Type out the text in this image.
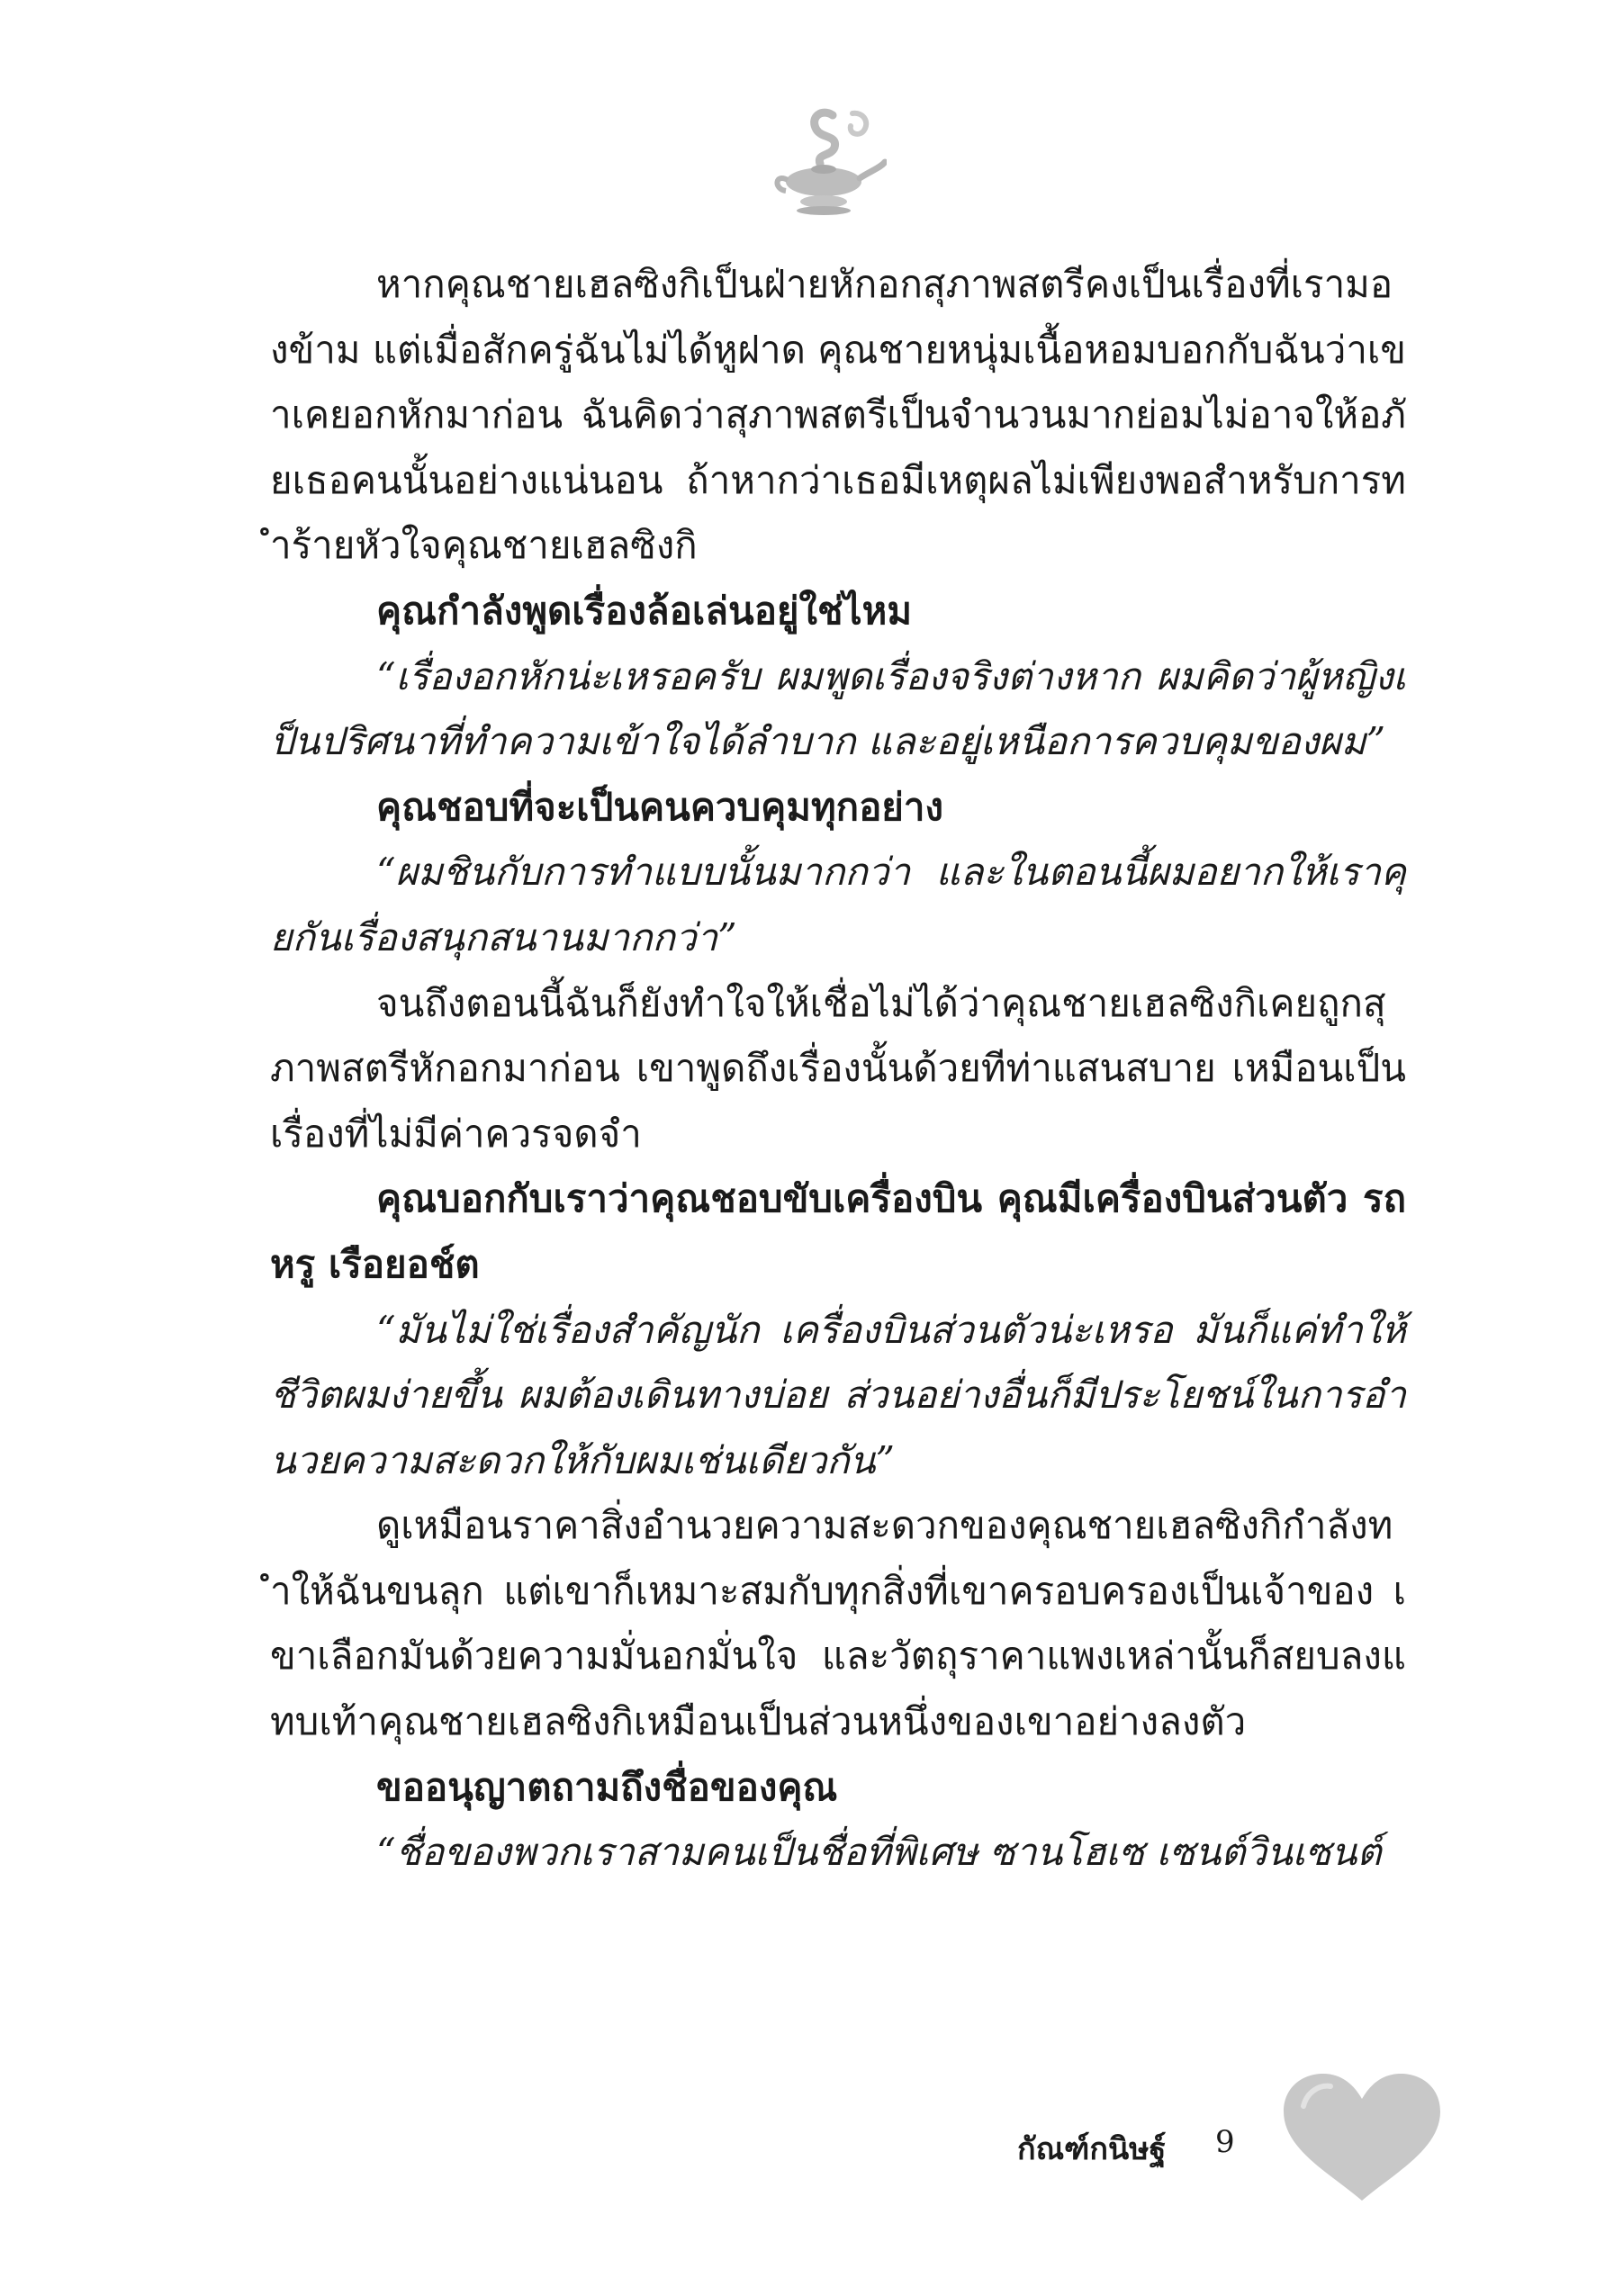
หากคุณชายเฮลซิงกิเป็นฝ่ายหักอกสุภาพสตรีคงเป็นเรื่องที่เรามองข้าม แต่เมื่อสักครู่ฉันไม่ได้หูฝาด คุณชายหนุ่มเนื้อหอมบอกกับฉันว่าเขาเคยอกหักมาก่อน ฉันคิดว่าสุภาพสตรีเป็นจำนวนมากย่อมไม่อาจให้อภัยเธอคนนั้นอย่างแน่นอน ถ้าหากว่าเธอมีเหตุผลไม่เพียงพอสำหรับการทำร้ายหัวใจคุณชายเฮลซิงกิ

คุณกำลังพูดเรื่องล้อเล่นอยู่ใช่ไหม

“เรื่องอกหักน่ะเหรอครับ ผมพูดเรื่องจริงต่างหาก ผมคิดว่าผู้หญิงเป็นปริศนาที่ทำความเข้าใจได้ลำบาก และอยู่เหนือการควบคุมของผม”

คุณชอบที่จะเป็นคนควบคุมทุกอย่าง

“ผมชินกับการทำแบบนั้นมากกว่า และในตอนนี้ผมอยากให้เราคุยกันเรื่องสนุกสนานมากกว่า”

จนถึงตอนนี้ฉันก็ยังทำใจให้เชื่อไม่ได้ว่าคุณชายเฮลซิงกิเคยถูกสุภาพสตรีหักอกมาก่อน เขาพูดถึงเรื่องนั้นด้วยทีท่าแสนสบาย เหมือนเป็นเรื่องที่ไม่มีค่าควรจดจำ

คุณบอกกับเราว่าคุณชอบขับเครื่องบิน คุณมีเครื่องบินส่วนตัว รถหรู เรือยอช์ต

“มันไม่ใช่เรื่องสำคัญนัก เครื่องบินส่วนตัวน่ะเหรอ มันก็แค่ทำให้ชีวิตผมง่ายขึ้น ผมต้องเดินทางบ่อย ส่วนอย่างอื่นก็มีประโยชน์ในการอำนวยความสะดวกให้กับผมเช่นเดียวกัน”

ดูเหมือนราคาสิ่งอำนวยความสะดวกของคุณชายเฮลซิงกิกำลังทำให้ฉันขนลุก แต่เขาก็เหมาะสมกับทุกสิ่งที่เขาครอบครองเป็นเจ้าของ เขาเลือกมันด้วยความมั่นอกมั่นใจ และวัตถุราคาแพงเหล่านั้นก็สยบลงแทบเท้าคุณชายเฮลซิงกิเหมือนเป็นส่วนหนึ่งของเขาอย่างลงตัว

ขออนุญาตถามถึงชื่อของคุณ

“ชื่อของพวกเราสามคนเป็นชื่อที่พิเศษ ซานโฮเซ เซนต์วินเซนต์

กัณฑ์กนิษฐ์ 9
